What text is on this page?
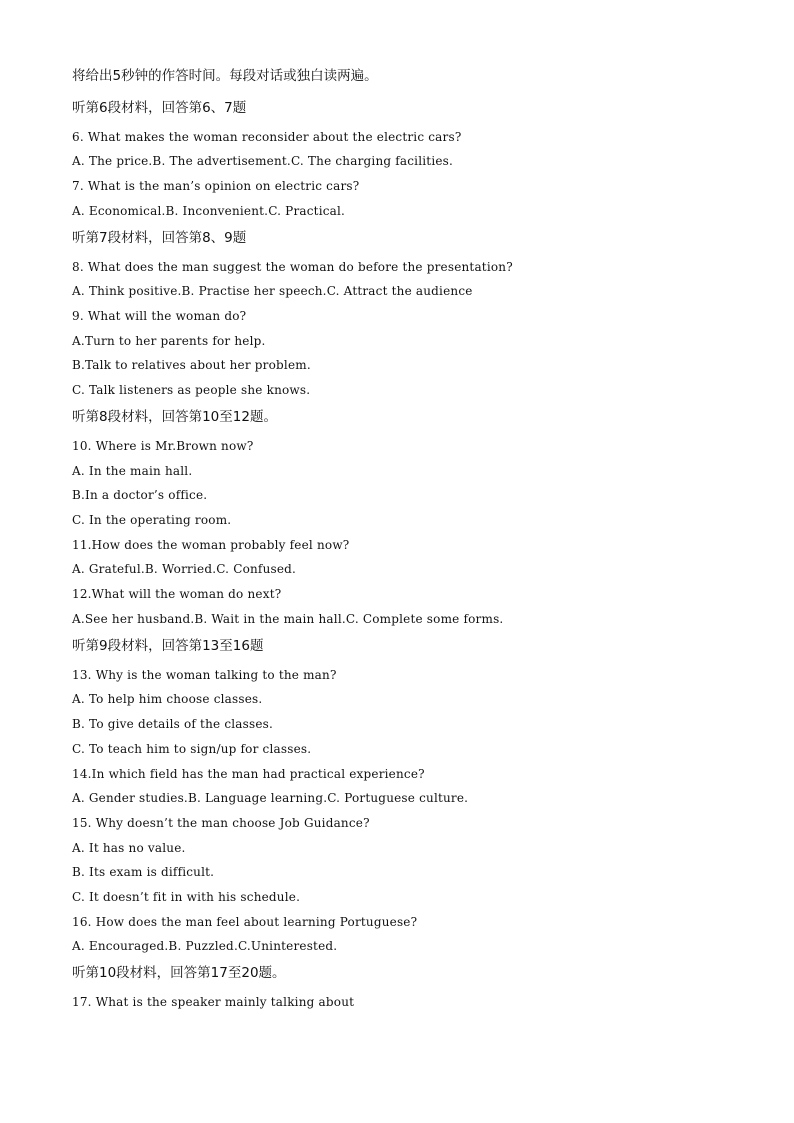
将给出5秒钟的作答时间。每段对话或独白读两遍。
听第6段材料，回答第6、7题
6. What makes the woman reconsider about the electric cars?
A. The price.B. The advertisement.C. The charging facilities.
7. What is the man’s opinion on electric cars?
A. Economical.B. Inconvenient.C. Practical.
听第7段材料，回答第8、9题
8. What does the man suggest the woman do before the presentation?
A. Think positive.B. Practise her speech.C. Attract the audience
9. What will the woman do?
A.Turn to her parents for help.
B.Talk to relatives about her problem.
C. Talk listeners as people she knows.
听第8段材料，回答第10至12题。
10. Where is Mr.Brown now?
A. In the main hall.
B.In a doctor’s office.
C. In the operating room.
11.How does the woman probably feel now?
A. Grateful.B. Worried.C. Confused.
12.What will the woman do next?
A.See her husband.B. Wait in the main hall.C. Complete some forms.
听第9段材料，回答第13至16题
13. Why is the woman talking to the man?
A. To help him choose classes.
B. To give details of the classes.
C. To teach him to sign/up for classes.
14.In which field has the man had practical experience?
A. Gender studies.B. Language learning.C. Portuguese culture.
15. Why doesn’t the man choose Job Guidance?
A. It has no value.
B. Its exam is difficult.
C. It doesn’t fit in with his schedule.
16. How does the man feel about learning Portuguese?
A. Encouraged.B. Puzzled.C.Uninterested.
听第10段材料，回答第17至20题。
17. What is the speaker mainly talking about
